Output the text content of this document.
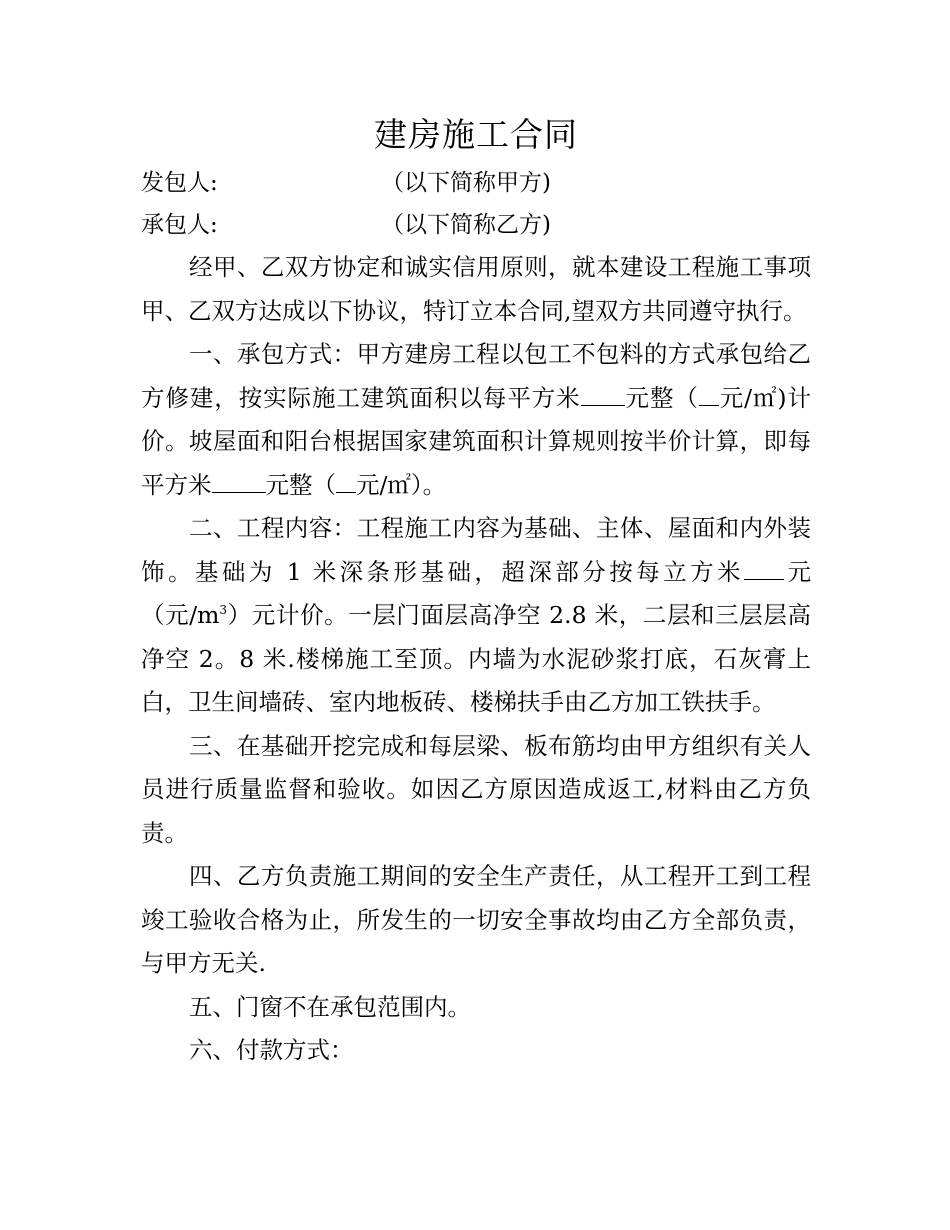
建房施工合同
发包人:	（以下简称甲方)
承包人:	（以下简称乙方)

经甲、乙双方协定和诚实信用原则，就本建设工程施工事项甲、乙双方达成以下协议，特订立本合同,望双方共同遵守执行。

一、承包方式：甲方建房工程以包工不包料的方式承包给乙方修建，按实际施工建筑面积以每平方米 元整（ 元/㎡)计价。坡屋面和阳台根据国家建筑面积计算规则按半价计算，即每平方米 元整（ 元/㎡）。

二、工程内容：工程施工内容为基础、主体、屋面和内外装饰。基础为 1 米深条形基础，超深部分按每立方米 元（元$/m^3$）元计价。一层门面层高净空 2.8 米，二层和三层层高净空 2。8 米.楼梯施工至顶。内墙为水泥砂浆打底，石灰膏上白，卫生间墙砖、室内地板砖、楼梯扶手由乙方加工铁扶手。

三、在基础开挖完成和每层梁、板布筋均由甲方组织有关人员进行质量监督和验收。如因乙方原因造成返工,材料由乙方负责。

四、乙方负责施工期间的安全生产责任，从工程开工到工程竣工验收合格为止，所发生的一切安全事故均由乙方全部负责，与甲方无关.

五、门窗不在承包范围内。

六、付款方式：
